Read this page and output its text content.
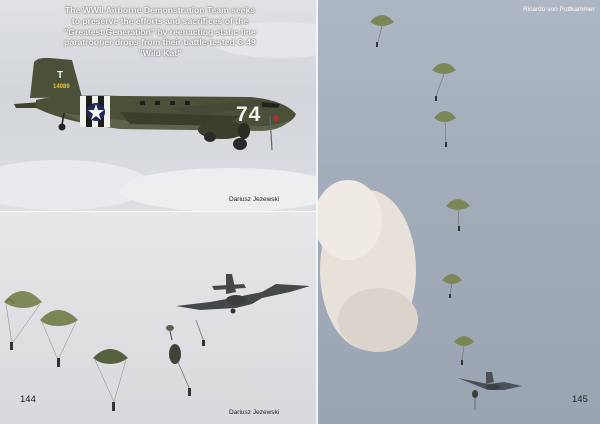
T
14089
74
The WWII Airborne Demonstration Team seeks to preserve the efforts and sacrifices of the "Greatest Generation" by reenacting static-line paratrooper drops from their battle-tested C-49 "Wild Kat"
Dariusz Jezewski
144
Dariusz Jezewski
Ricardo von Puttkammer
145
